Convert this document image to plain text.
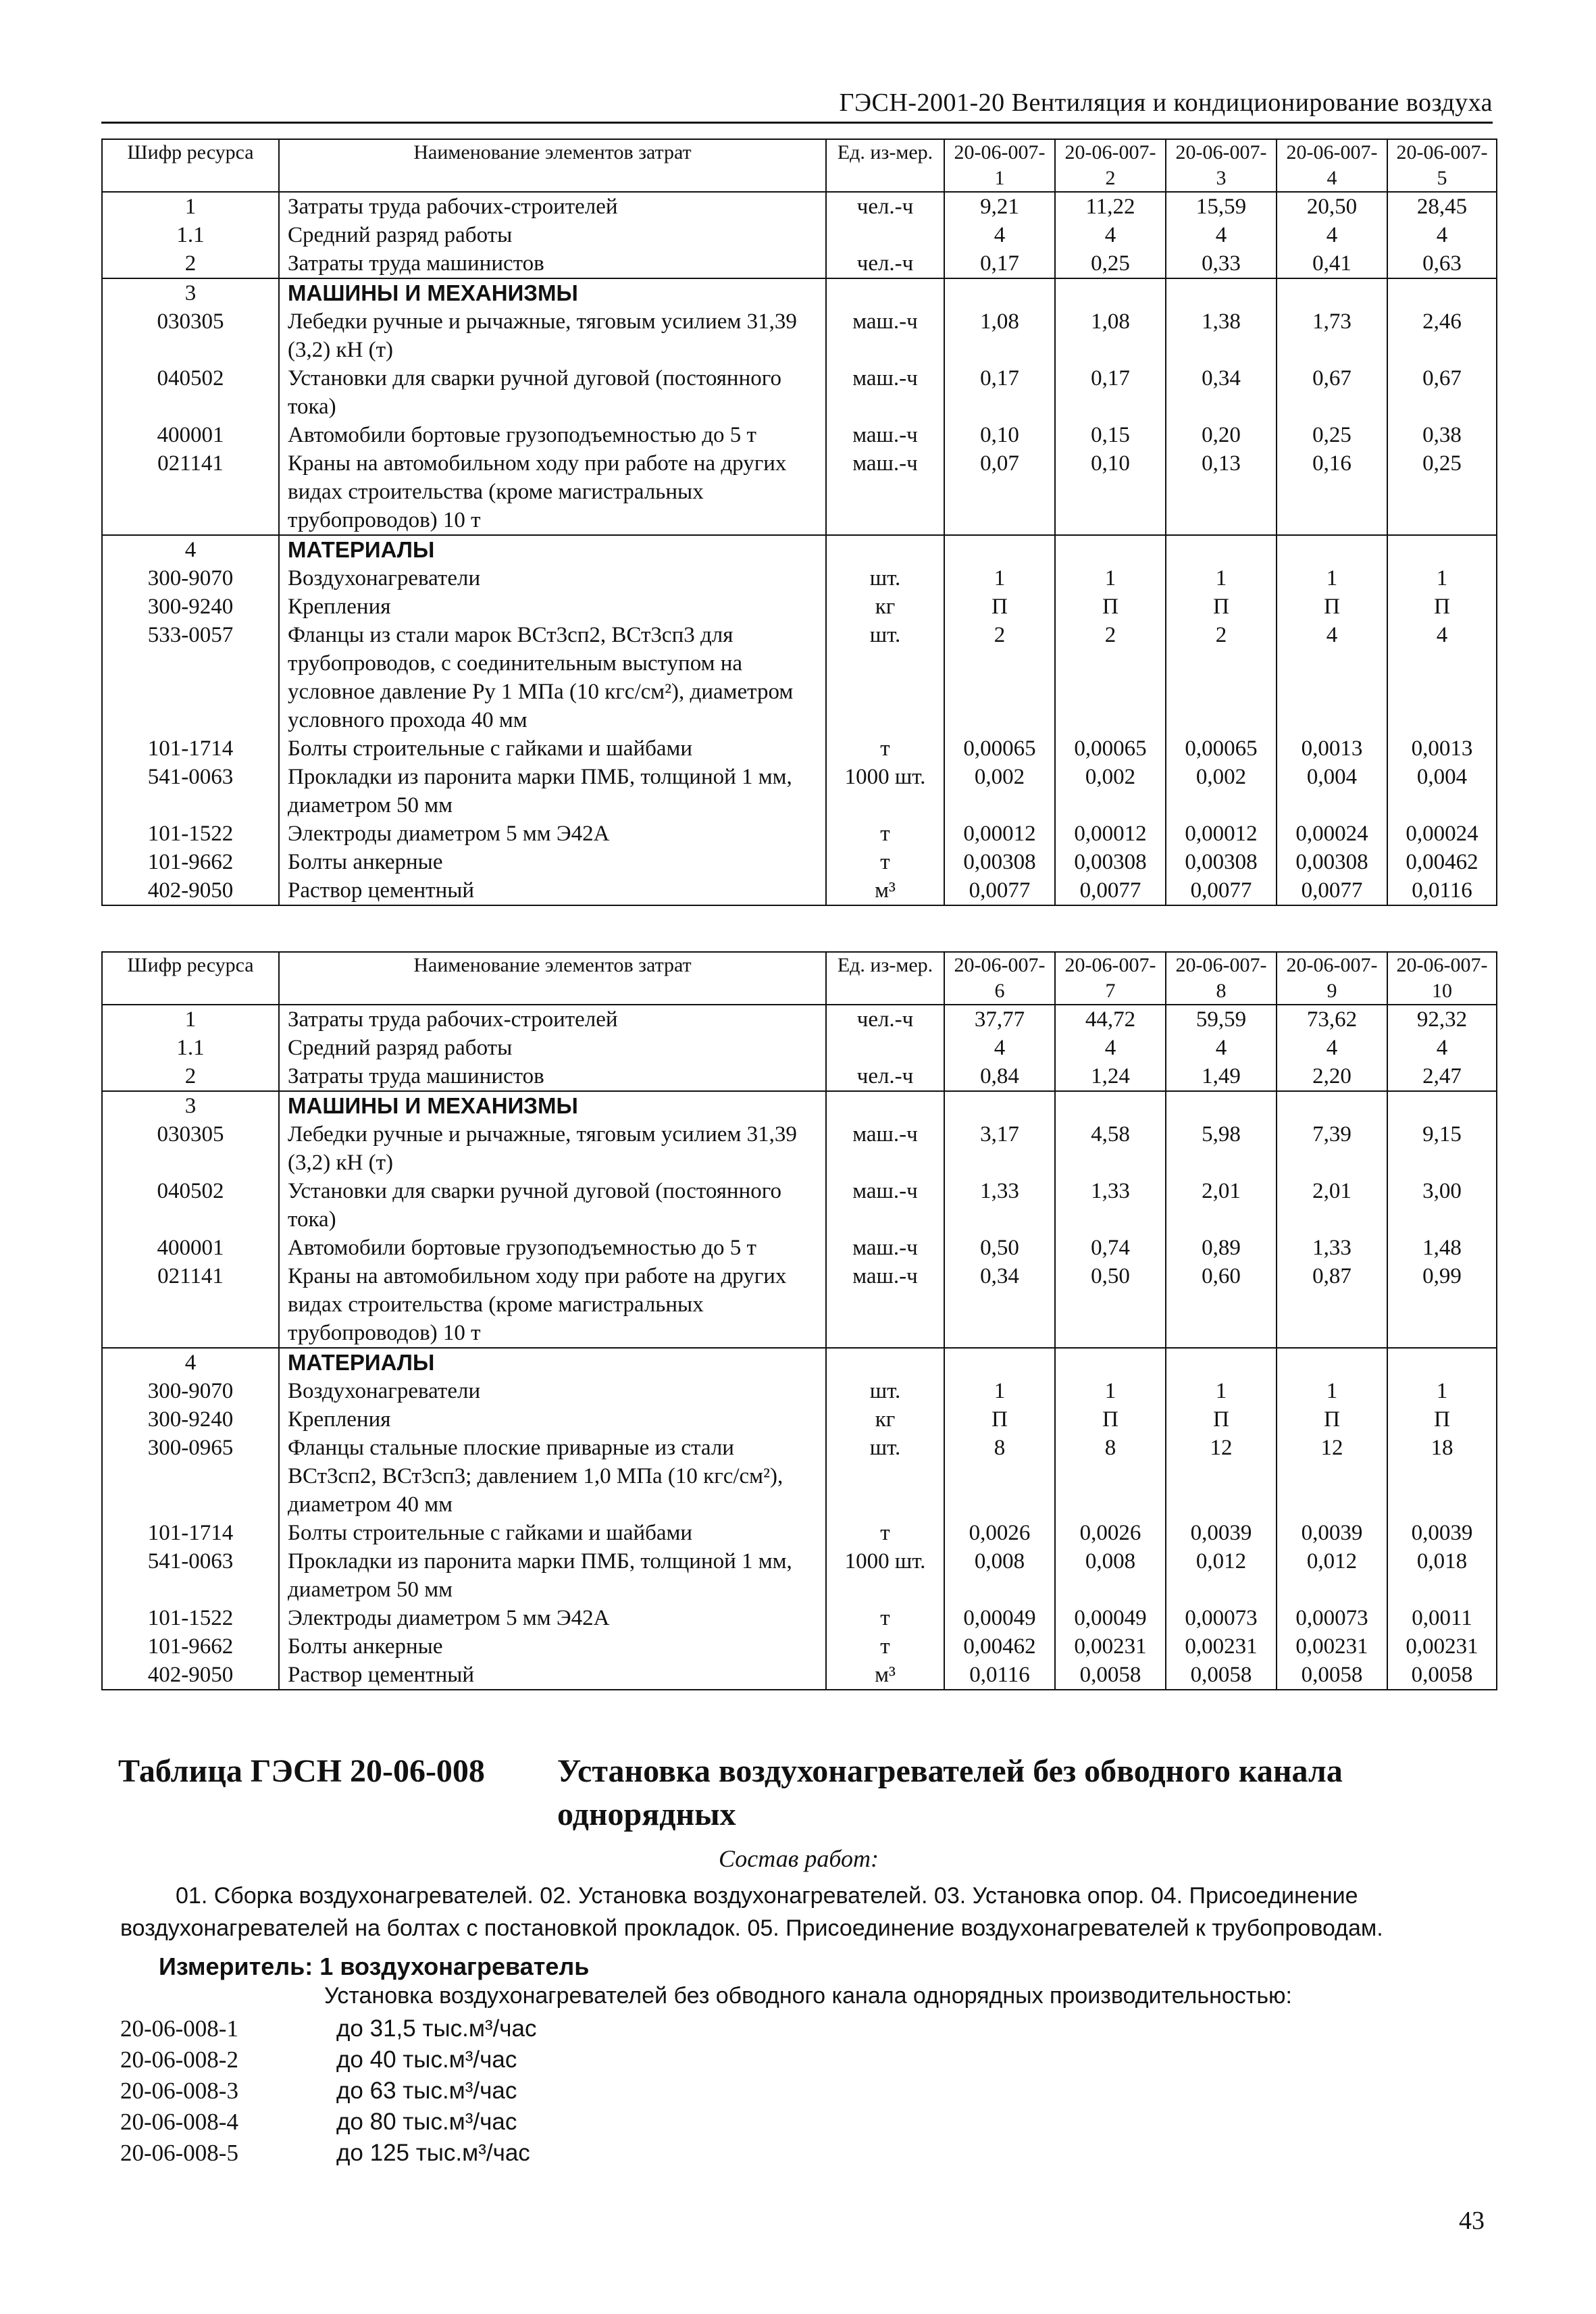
ГЭСН-2001-20 Вентиляция и кондиционирование воздуха
Шифр ресурса	Наименование элементов затрат	Ед. из-мер.	20-06-007-1	20-06-007-2	20-06-007-3	20-06-007-4	20-06-007-5
1	Затраты труда рабочих-строителей	чел.-ч	9,21	11,22	15,59	20,50	28,45
1.1	Средний разряд работы		4	4	4	4	4
2	Затраты труда машинистов	чел.-ч	0,17	0,25	0,33	0,41	0,63
3	МАШИНЫ И МЕХАНИЗМЫ						
030305	Лебедки ручные и рычажные, тяговым усилием 31,39 (3,2) кН (т)	маш.-ч	1,08	1,08	1,38	1,73	2,46
040502	Установки для сварки ручной дуговой (постоянного тока)	маш.-ч	0,17	0,17	0,34	0,67	0,67
400001	Автомобили бортовые грузоподъемностью до 5 т	маш.-ч	0,10	0,15	0,20	0,25	0,38
021141	Краны на автомобильном ходу при работе на других видах строительства (кроме магистральных трубопроводов) 10 т	маш.-ч	0,07	0,10	0,13	0,16	0,25
4	МАТЕРИАЛЫ						
300-9070	Воздухонагреватели	шт.	1	1	1	1	1
300-9240	Крепления	кг	П	П	П	П	П
533-0057	Фланцы из стали марок ВСт3сп2, ВСт3сп3 для трубопроводов, с соединительным выступом на условное давление Ру 1 МПа (10 кгс/см²), диаметром условного прохода 40 мм	шт.	2	2	2	4	4
101-1714	Болты строительные с гайками и шайбами	т	0,00065	0,00065	0,00065	0,0013	0,0013
541-0063	Прокладки из паронита марки ПМБ, толщиной 1 мм, диаметром 50 мм	1000 шт.	0,002	0,002	0,002	0,004	0,004
101-1522	Электроды диаметром 5 мм Э42А	т	0,00012	0,00012	0,00012	0,00024	0,00024
101-9662	Болты анкерные	т	0,00308	0,00308	0,00308	0,00308	0,00462
402-9050	Раствор цементный	м³	0,0077	0,0077	0,0077	0,0077	0,0116
Шифр ресурса	Наименование элементов затрат	Ед. из-мер.	20-06-007-6	20-06-007-7	20-06-007-8	20-06-007-9	20-06-007-10
1	Затраты труда рабочих-строителей	чел.-ч	37,77	44,72	59,59	73,62	92,32
1.1	Средний разряд работы		4	4	4	4	4
2	Затраты труда машинистов	чел.-ч	0,84	1,24	1,49	2,20	2,47
3	МАШИНЫ И МЕХАНИЗМЫ						
030305	Лебедки ручные и рычажные, тяговым усилием 31,39 (3,2) кН (т)	маш.-ч	3,17	4,58	5,98	7,39	9,15
040502	Установки для сварки ручной дуговой (постоянного тока)	маш.-ч	1,33	1,33	2,01	2,01	3,00
400001	Автомобили бортовые грузоподъемностью до 5 т	маш.-ч	0,50	0,74	0,89	1,33	1,48
021141	Краны на автомобильном ходу при работе на других видах строительства (кроме магистральных трубопроводов) 10 т	маш.-ч	0,34	0,50	0,60	0,87	0,99
4	МАТЕРИАЛЫ						
300-9070	Воздухонагреватели	шт.	1	1	1	1	1
300-9240	Крепления	кг	П	П	П	П	П
300-0965	Фланцы стальные плоские приварные из стали ВСт3сп2, ВСт3сп3; давлением 1,0 МПа (10 кгс/см²), диаметром 40 мм	шт.	8	8	12	12	18
101-1714	Болты строительные с гайками и шайбами	т	0,0026	0,0026	0,0039	0,0039	0,0039
541-0063	Прокладки из паронита марки ПМБ, толщиной 1 мм, диаметром 50 мм	1000 шт.	0,008	0,008	0,012	0,012	0,018
101-1522	Электроды диаметром 5 мм Э42А	т	0,00049	0,00049	0,00073	0,00073	0,0011
101-9662	Болты анкерные	т	0,00462	0,00231	0,00231	0,00231	0,00231
402-9050	Раствор цементный	м³	0,0116	0,0058	0,0058	0,0058	0,0058
Таблица ГЭСН 20-06-008	Установка воздухонагревателей без обводного канала
однорядных
Состав работ:
01. Сборка воздухонагревателей. 02. Установка воздухонагревателей. 03. Установка опор. 04. Присоединение воздухонагревателей на болтах с постановкой прокладок. 05. Присоединение воздухонагревателей к трубопроводам.
Измеритель: 1 воздухонагреватель
Установка воздухонагревателей без обводного канала однорядных производительностью:
20-06-008-1	до 31,5 тыс.м³/час
20-06-008-2	до 40 тыс.м³/час
20-06-008-3	до 63 тыс.м³/час
20-06-008-4	до 80 тыс.м³/час
20-06-008-5	до 125 тыс.м³/час
43
